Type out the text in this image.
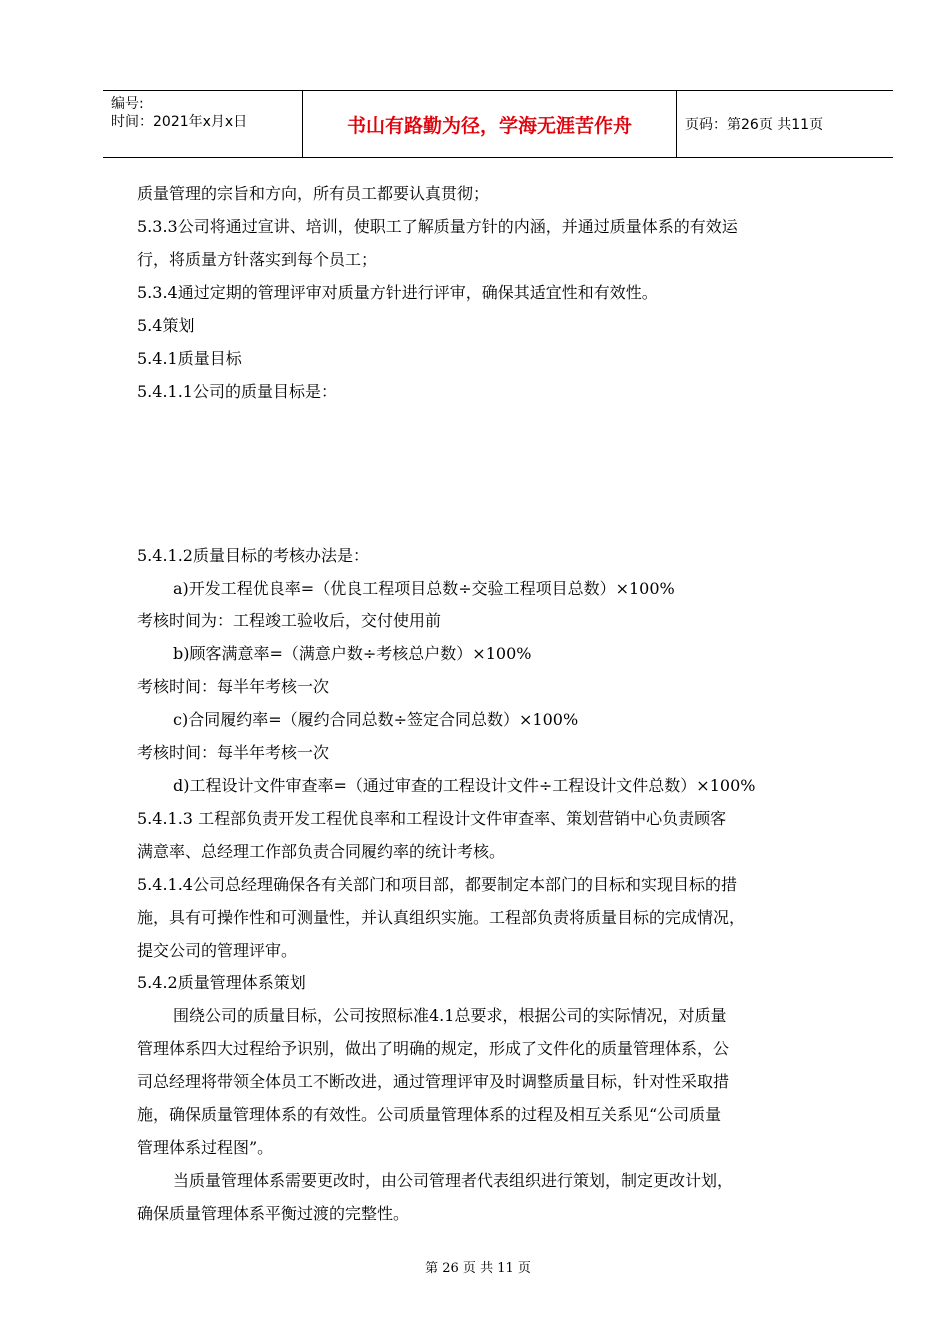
编号:
时间：2021年x月x日	书山有路勤为径，学海无涯苦作舟	页码：第26页 共11页
质量管理的宗旨和方向，所有员工都要认真贯彻；
5.3.3公司将通过宣讲、培训，使职工了解质量方针的内涵，并通过质量体系的有效运
行，将质量方针落实到每个员工；
5.3.4通过定期的管理评审对质量方针进行评审，确保其适宜性和有效性。
5.4策划
5.4.1质量目标
5.4.1.1公司的质量目标是：
5.4.1.2质量目标的考核办法是：
a)开发工程优良率=（优良工程项目总数÷交验工程项目总数）×100%
考核时间为：工程竣工验收后，交付使用前
b)顾客满意率=（满意户数÷考核总户数）×100%
考核时间：每半年考核一次
c)合同履约率=（履约合同总数÷签定合同总数）×100%
考核时间：每半年考核一次
d)工程设计文件审查率=（通过审查的工程设计文件÷工程设计文件总数）×100%
5.4.1.3 工程部负责开发工程优良率和工程设计文件审查率、策划营销中心负责顾客
满意率、总经理工作部负责合同履约率的统计考核。
5.4.1.4公司总经理确保各有关部门和项目部，都要制定本部门的目标和实现目标的措
施，具有可操作性和可测量性，并认真组织实施。工程部负责将质量目标的完成情况，
提交公司的管理评审。
5.4.2质量管理体系策划
围绕公司的质量目标，公司按照标准4.1总要求，根据公司的实际情况，对质量
管理体系四大过程给予识别，做出了明确的规定，形成了文件化的质量管理体系，公
司总经理将带领全体员工不断改进，通过管理评审及时调整质量目标，针对性采取措
施，确保质量管理体系的有效性。公司质量管理体系的过程及相互关系见“公司质量
管理体系过程图”。
当质量管理体系需要更改时，由公司管理者代表组织进行策划，制定更改计划，
确保质量管理体系平衡过渡的完整性。
第 26 页 共 11 页
